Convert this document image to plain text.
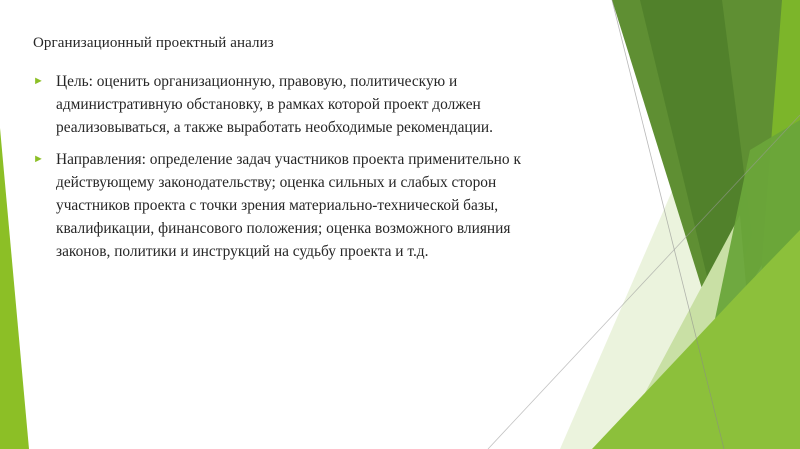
Организационный проектный анализ
► Цель: оценить организационную, правовую, политическую и административную обстановку, в рамках которой проект должен реализовываться, а также выработать необходимые рекомендации.
► Направления: определение задач участников проекта применительно к действующему законодательству; оценка сильных и слабых сторон участников проекта с точки зрения материально-технической базы, квалификации, финансового положения; оценка возможного влияния законов, политики и инструкций на судьбу проекта и т.д.
